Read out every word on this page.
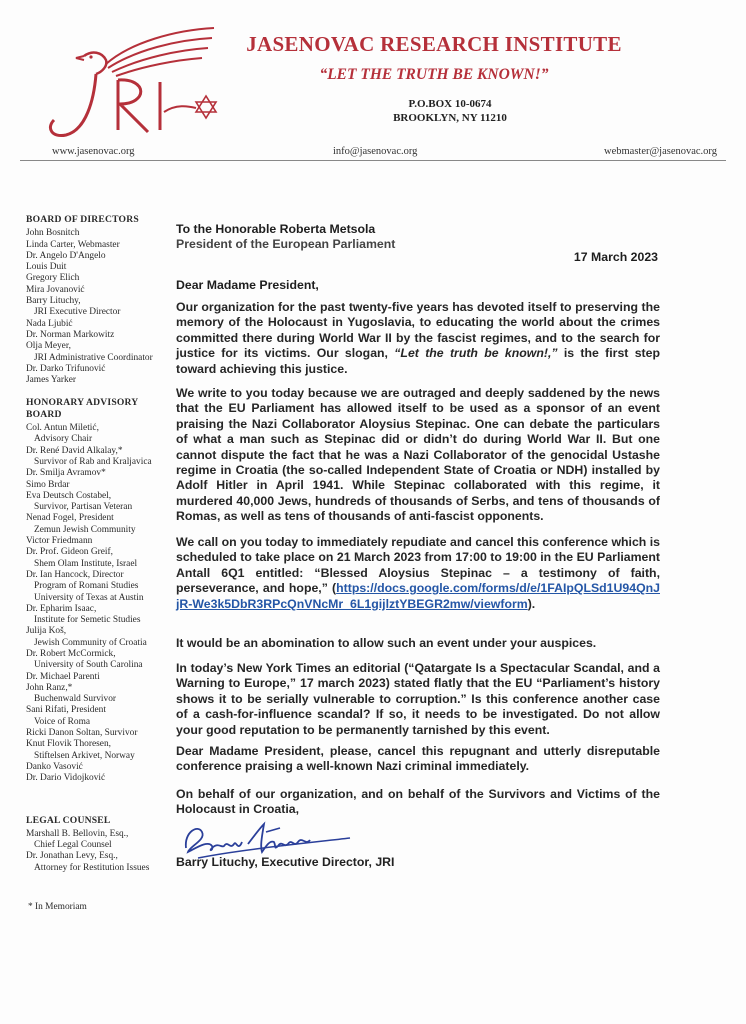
JASENOVAC RESEARCH INSTITUTE
“LET THE TRUTH BE KNOWN!”
P.O.BOX 10-0674
BROOKLYN, NY 11210
www.jasenovac.org	info@jasenovac.org	webmaster@jasenovac.org
BOARD OF DIRECTORS
John Bosnitch
Linda Carter, Webmaster
Dr. Angelo D'Angelo
Louis Duit
Gregory Elich
Mira Jovanović
Barry Lituchy,
JRI Executive Director
Nada Ljubić
Dr. Norman Markowitz
Olja Meyer,
JRI Administrative Coordinator
Dr. Darko Trifunović
James Yarker
HONORARY ADVISORY BOARD
Col. Antun Miletić,
Advisory Chair
Dr. René David Alkalay,*
Survivor of Rab and Kraljavica
Dr. Smilja Avramov*
Simo Brdar
Eva Deutsch Costabel,
Survivor, Partisan Veteran
Nenad Fogel, President
Zemun Jewish Community
Victor Friedmann
Dr. Prof. Gideon Greif,
Shem Olam Institute, Israel
Dr. Ian Hancock, Director
Program of Romani Studies
University of Texas at Austin
Dr. Epharim Isaac,
Institute for Semetic Studies
Julija Koš,
Jewish Community of Croatia
Dr. Robert McCormick,
University of South Carolina
Dr. Michael Parenti
John Ranz,*
Buchenwald Survivor
Sani Rifati, President
Voice of Roma
Ricki Danon Soltan, Survivor
Knut Flovik Thoresen,
Stiftelsen Arkivet, Norway
Danko Vasović
Dr. Dario Vidojković
LEGAL COUNSEL
Marshall B. Bellovin, Esq.,
Chief Legal Counsel
Dr. Jonathan Levy, Esq.,
Attorney for Restitution Issues
* In Memoriam
To the Honorable Roberta Metsola
President of the European Parliament
17 March 2023
Dear Madame President,
Our organization for the past twenty-five years has devoted itself to preserving the memory of the Holocaust in Yugoslavia, to educating the world about the crimes committed there during World War II by the fascist regimes, and to the search for justice for its victims. Our slogan, “Let the truth be known!,” is the first step toward achieving this justice.
We write to you today because we are outraged and deeply saddened by the news that the EU Parliament has allowed itself to be used as a sponsor of an event praising the Nazi Collaborator Aloysius Stepinac. One can debate the particulars of what a man such as Stepinac did or didn’t do during World War II. But one cannot dispute the fact that he was a Nazi Collaborator of the genocidal Ustashe regime in Croatia (the so-called Independent State of Croatia or NDH) installed by Adolf Hitler in April 1941. While Stepinac collaborated with this regime, it murdered 40,000 Jews, hundreds of thousands of Serbs, and tens of thousands of Romas, as well as tens of thousands of anti-fascist opponents.
We call on you today to immediately repudiate and cancel this conference which is scheduled to take place on 21 March 2023 from 17:00 to 19:00 in the EU Parliament Antall 6Q1 entitled: “Blessed Aloysius Stepinac – a testimony of faith, perseverance, and hope,” (https://docs.google.com/forms/d/e/1FAIpQLSd1U94QnJjR-We3k5DbR3RPcQnVNcMr_6L1gijlztYBEGR2mw/viewform).
It would be an abomination to allow such an event under your auspices.
In today’s New York Times an editorial (“Qatargate Is a Spectacular Scandal, and a Warning to Europe,” 17 march 2023) stated flatly that the EU “Parliament’s history shows it to be serially vulnerable to corruption.” Is this conference another case of a cash-for-influence scandal? If so, it needs to be investigated. Do not allow your good reputation to be permanently tarnished by this event.
Dear Madame President, please, cancel this repugnant and utterly disreputable conference praising a well-known Nazi criminal immediately.
On behalf of our organization, and on behalf of the Survivors and Victims of the Holocaust in Croatia,
Barry Lituchy, Executive Director, JRI
